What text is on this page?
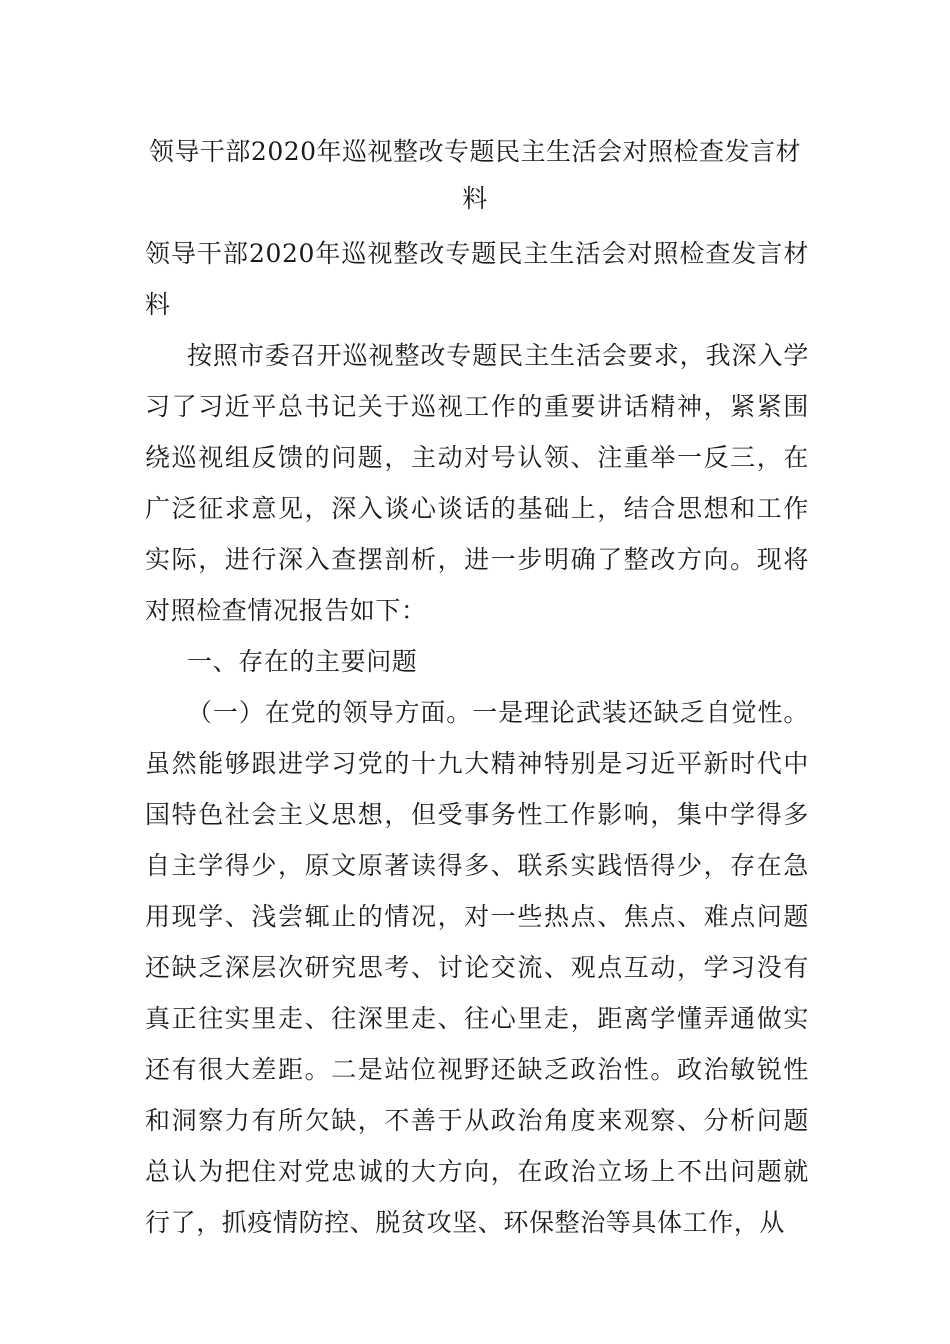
领导干部2020年巡视整改专题民主生活会对照检查发言材料

领导干部2020年巡视整改专题民主生活会对照检查发言材料

按照市委召开巡视整改专题民主生活会要求，我深入学习了习近平总书记关于巡视工作的重要讲话精神，紧紧围绕巡视组反馈的问题，主动对号认领、注重举一反三，在广泛征求意见，深入谈心谈话的基础上，结合思想和工作实际，进行深入查摆剖析，进一步明确了整改方向。现将对照检查情况报告如下：

一、存在的主要问题

（一）在党的领导方面。一是理论武装还缺乏自觉性。虽然能够跟进学习党的十九大精神特别是习近平新时代中国特色社会主义思想，但受事务性工作影响，集中学得多自主学得少，原文原著读得多、联系实践悟得少，存在急用现学、浅尝辄止的情况，对一些热点、焦点、难点问题还缺乏深层次研究思考、讨论交流、观点互动，学习没有真正往实里走、往深里走、往心里走，距离学懂弄通做实还有很大差距。二是站位视野还缺乏政治性。政治敏锐性和洞察力有所欠缺，不善于从政治角度来观察、分析问题总认为把住对党忠诚的大方向，在政治立场上不出问题就行了，抓疫情防控、脱贫攻坚、环保整治等具体工作，从
